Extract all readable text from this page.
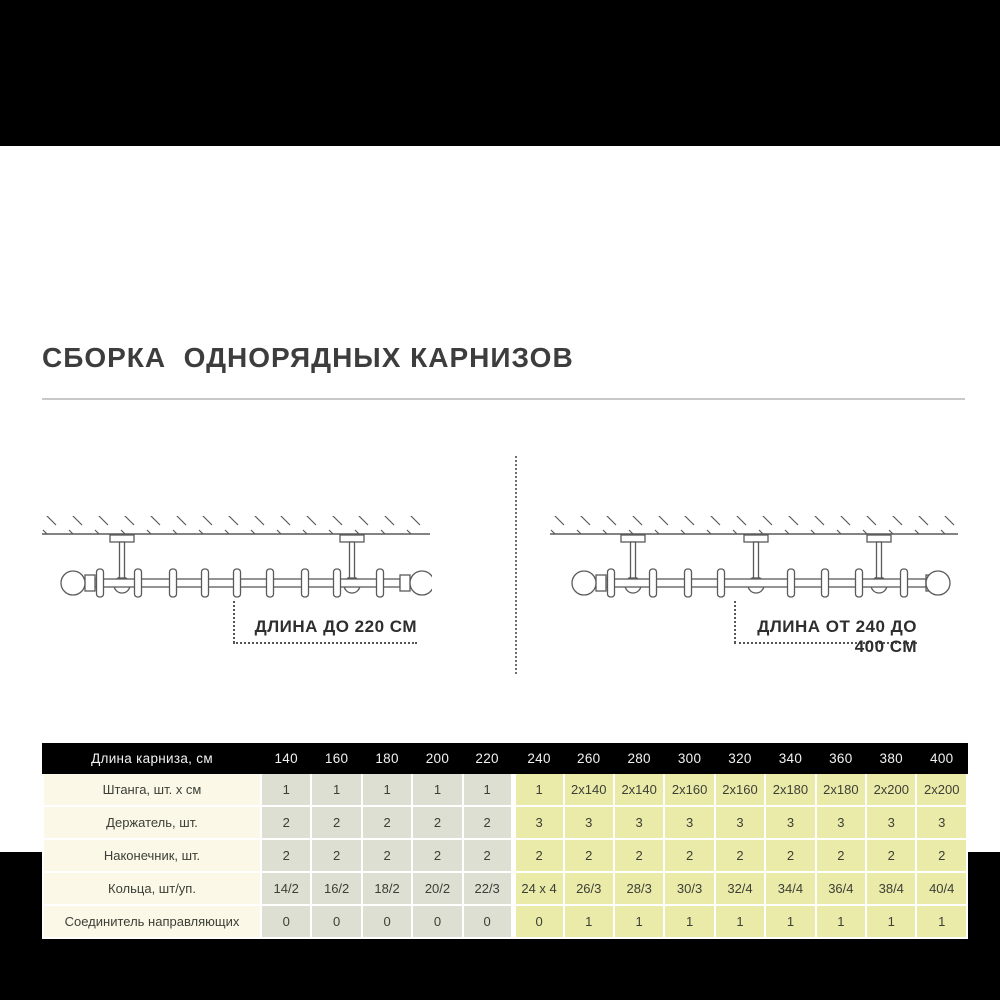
СБОРКА  ОДНОРЯДНЫХ КАРНИЗОВ
ДЛИНА ДО 220 СМ	ДЛИНА ОТ 240 ДО 400 СМ
Длина карниза, см	140	160	180	200	220	240	260	280	300	320	340	360	380	400
Штанга, шт. х см	1	1	1	1	1	1	2x140	2x140	2x160	2x160	2x180	2x180	2x200	2x200
Держатель, шт.	2	2	2	2	2	3	3	3	3	3	3	3	3	3
Наконечник, шт.	2	2	2	2	2	2	2	2	2	2	2	2	2	2
Кольца, шт/уп.	14/2	16/2	18/2	20/2	22/3	24 x 4	26/3	28/3	30/3	32/4	34/4	36/4	38/4	40/4
Соединитель направляющих	0	0	0	0	0	0	1	1	1	1	1	1	1	1
